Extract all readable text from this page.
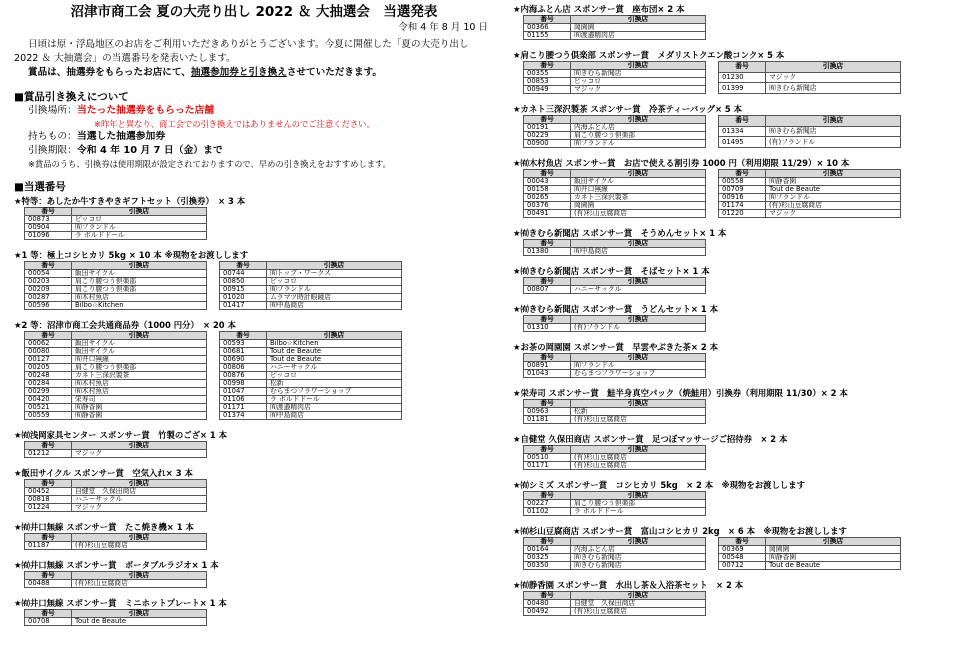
沼津市商工会 夏の大売り出し 2022 ＆ 大抽選会　当選発表
令和 4 年 8 月 10 日

日頃は原・浮島地区のお店をご利用いただきありがとうございます。今夏に開催した「夏の大売り出し 2022 ＆ 大抽選会」の当選番号を発表いたします。

賞品は、抽選券をもらったお店にて、抽選参加券と引き換えさせていただきます。

■賞品引き換えについて
引換場所：当たった抽選券をもらった店舗
※昨年と異なり、商工会での引き換えではありませんのでご注意ください。
持ちもの：当選した抽選参加券
引換期限：令和 4 年 10 月 7 日（金）まで
※賞品のうち、引換券は使用期限が設定されておりますので、早めの引き換えをおすすめします。
■当選番号
★特等：あしたか牛すきやきギフトセット（引換券）　× 3 本
番号	引換店
00873	ピッコロ
00904	㈲フランドル
01096	ラ ボルドドール
★1 等：極上コシヒカリ 5kg × 10 本 ※現物をお渡しします
番号	引換店
00054	飯田サイクル
00203	肩こり腰つう倶楽部
00209	肩こり腰つう倶楽部
00287	㈲木村魚店
00596	Bilbo☆Kitchen
番号	引換店
00744	㈲トップ・ワークス
00850	ピッコロ
00915	㈲フランドル
01020	ムラマツ時計眼鏡店
01417	㈲中島商店
★2 等：沼津市商工会共通商品券（1000 円分）　× 20 本
番号	引換店
00062	飯田サイクル
00080	飯田サイクル
00127	㈲井口無線
00205	肩こり腰つう倶楽部
00248	カネト三深沢製茶
00284	㈲木村魚店
00299	㈲木村魚店
00420	栄寿司
00521	㈲静香園
00559	㈲静香園
番号	引換店
00593	Bilbo☆Kitchen
00681	Tout de Beaute
00690	Tout de Beaute
00806	ハニーサックル
00876	ピッコロ
00998	松新
01047	むらまつフラワーショップ
01106	ラ ボルドドール
01171	㈲渡邉精肉店
01374	㈲中島商店
★㈲浅岡家具センター スポンサー賞　竹製のござ× 1 本
番号	引換店
01212	マジック
★飯田サイクル スポンサー賞　空気入れ× 3 本
番号	引換店
00452	自健堂　久保田商店
00818	ハニーサックル
01224	マジック
★㈲井口無線 スポンサー賞　たこ焼き機× 1 本
番号	引換店
01187	(有)杉山豆腐商店
★㈲井口無線 スポンサー賞　ポータブルラジオ× 1 本
番号	引換店
00488	(有)杉山豆腐商店
★㈲井口無線 スポンサー賞　ミニホットプレート× 1 本
番号	引換店
00708	Tout de Beaute
★内海ふとん店 スポンサー賞　座布団× 2 本
番号	引換店
00366	岡園園
01155	㈲渡邉精肉店
★肩こり腰つう倶楽部 スポンサー賞　メダリストクエン酸コンク× 5 本
番号	引換店
00355	㈲きむら新聞店
00853	ピッコロ
00949	マジック
番号	引換店
01230	マジック
01399	㈲きむら新聞店
★カネト三深沢製茶 スポンサー賞　冷茶ティーバッグ× 5 本
番号	引換店
00191	内海ふとん店
00229	肩こり腰つう倶楽部
00900	㈲フランドル
番号	引換店
01334	㈲きむら新聞店
01495	(有)フランドル
★㈲木村魚店 スポンサー賞　お店で使える割引券 1000 円（利用期限 11/29）× 10 本
番号	引換店
00043	飯田サイクル
00158	㈲井口無線
00265	カネト三深沢製茶
00376	岡園園
00491	(有)杉山豆腐商店
番号	引換店
00558	㈲静香園
00709	Tout de Beaute
00916	㈲フランドル
01174	(有)杉山豆腐商店
01220	マジック
★㈲きむら新聞店 スポンサー賞　そうめんセット× 1 本
番号	引換店
01380	㈲中島商店
★㈲きむら新聞店 スポンサー賞　そばセット× 1 本
番号	引換店
00807	ハニーサックル
★㈲きむら新聞店 スポンサー賞　うどんセット× 1 本
番号	引換店
01310	(有)フランドル
★お茶の岡園園 スポンサー賞　早雲やぶきた茶× 2 本
番号	引換店
00891	㈲フランドル
01043	むらまつフラワーショップ
★栄寿司 スポンサー賞　鮭半身真空パック（焼鮭用）引換券（利用期限 11/30）× 2 本
番号	引換店
00963	松新
01181	(有)杉山豆腐商店
★自健堂 久保田商店 スポンサー賞　足つぼマッサージご招待券　× 2 本
番号	引換店
00510	(有)杉山豆腐商店
01171	(有)杉山豆腐商店
★㈲シミズ スポンサー賞　コシヒカリ 5kg　× 2 本　※現物をお渡しします
番号	引換店
00227	肩こり腰つう倶楽部
01102	ラ ボルドドール
★㈲杉山豆腐商店 スポンサー賞　富山コシヒカリ 2kg　× 6 本　※現物をお渡しします
番号	引換店
00164	内海ふとん店
00325	㈲きむら新聞店
00350	㈲きむら新聞店
番号	引換店
00369	岡園園
00548	㈲静香園
00712	Tout de Beaute
★㈲静香園 スポンサー賞　水出し茶＆入浴茶セット　× 2 本
番号	引換店
00480	自健堂　久保田商店
00492	(有)杉山豆腐商店
